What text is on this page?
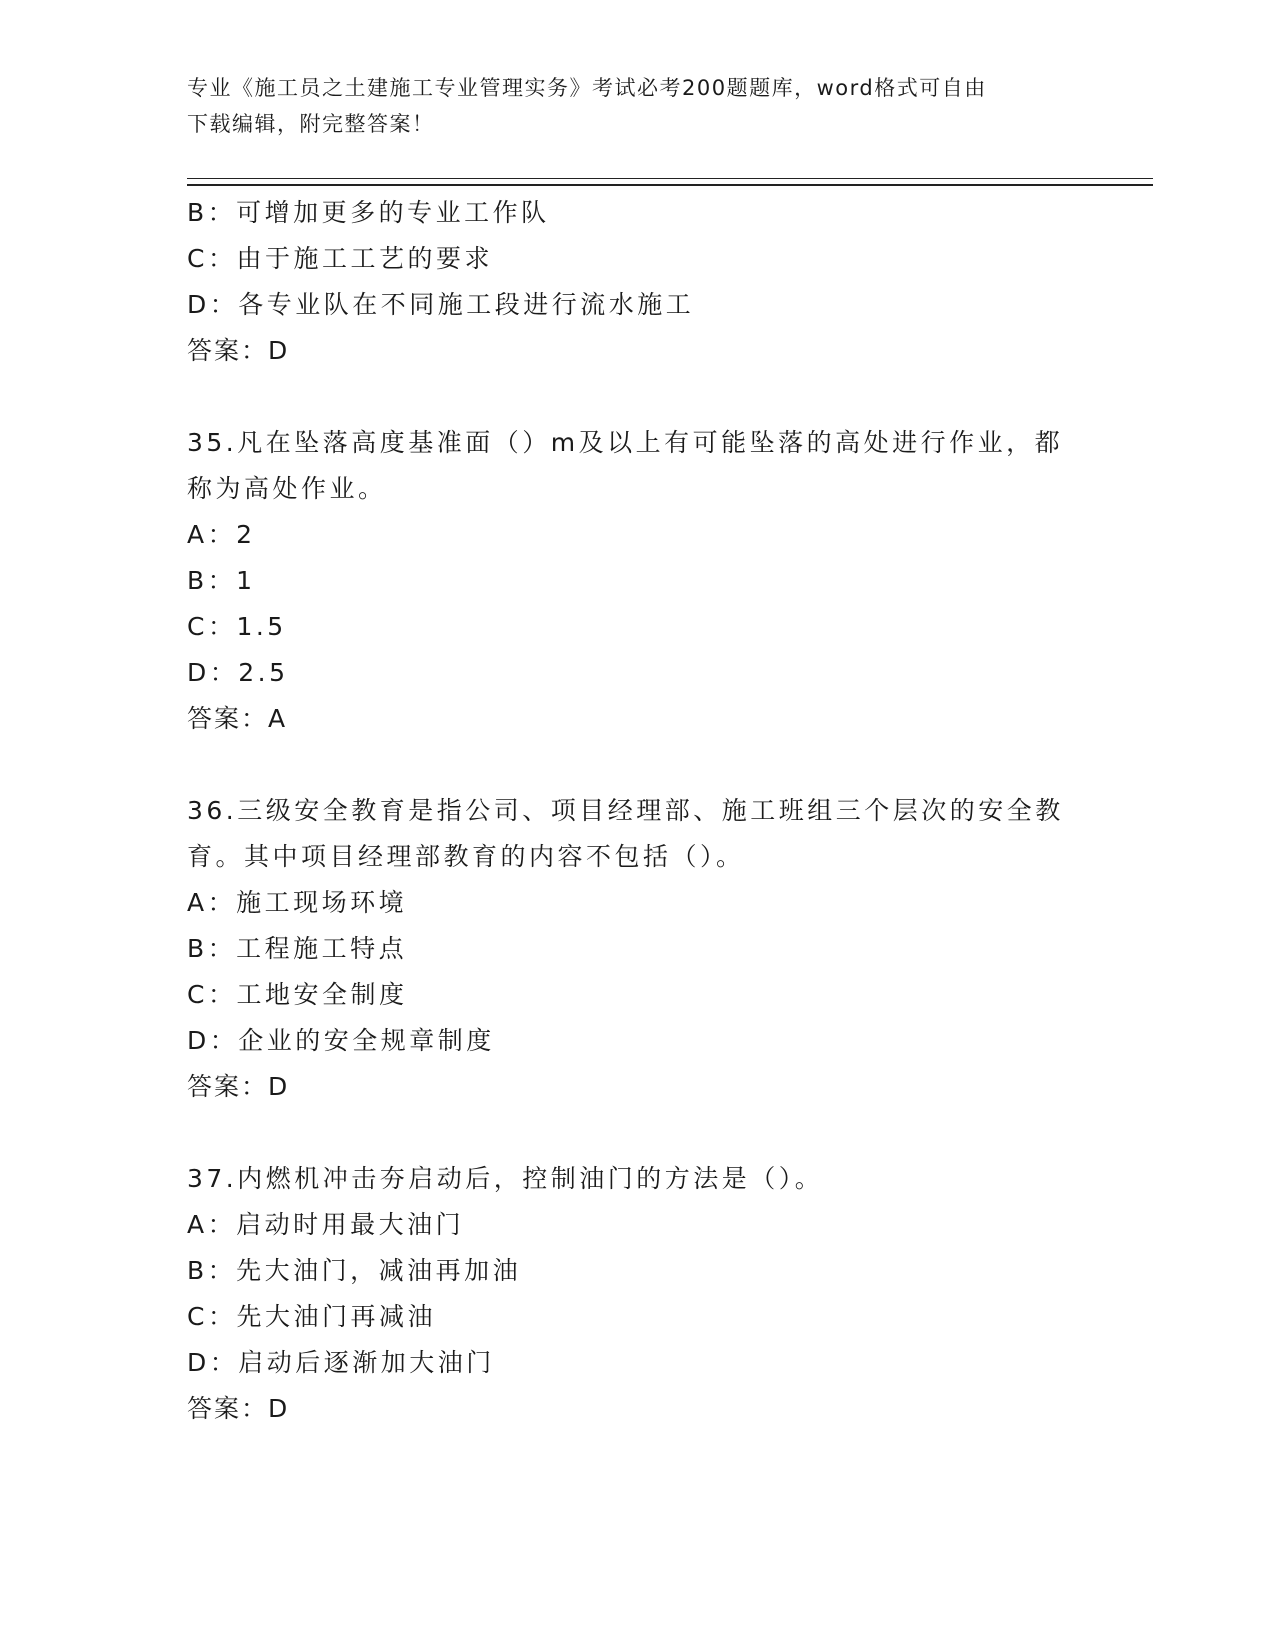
专业《施工员之土建施工专业管理实务》考试必考200题题库，word格式可自由
下载编辑，附完整答案！
B：可增加更多的专业工作队
C：由于施工工艺的要求
D：各专业队在不同施工段进行流水施工
答案：D
35.凡在坠落高度基准面（）m及以上有可能坠落的高处进行作业，都
称为高处作业。
A：2
B：1
C：1.5
D：2.5
答案：A
36.三级安全教育是指公司、项目经理部、施工班组三个层次的安全教
育。其中项目经理部教育的内容不包括（）。
A：施工现场环境
B：工程施工特点
C：工地安全制度
D：企业的安全规章制度
答案：D
37.内燃机冲击夯启动后，控制油门的方法是（）。
A：启动时用最大油门
B：先大油门，减油再加油
C：先大油门再减油
D：启动后逐渐加大油门
答案：D
